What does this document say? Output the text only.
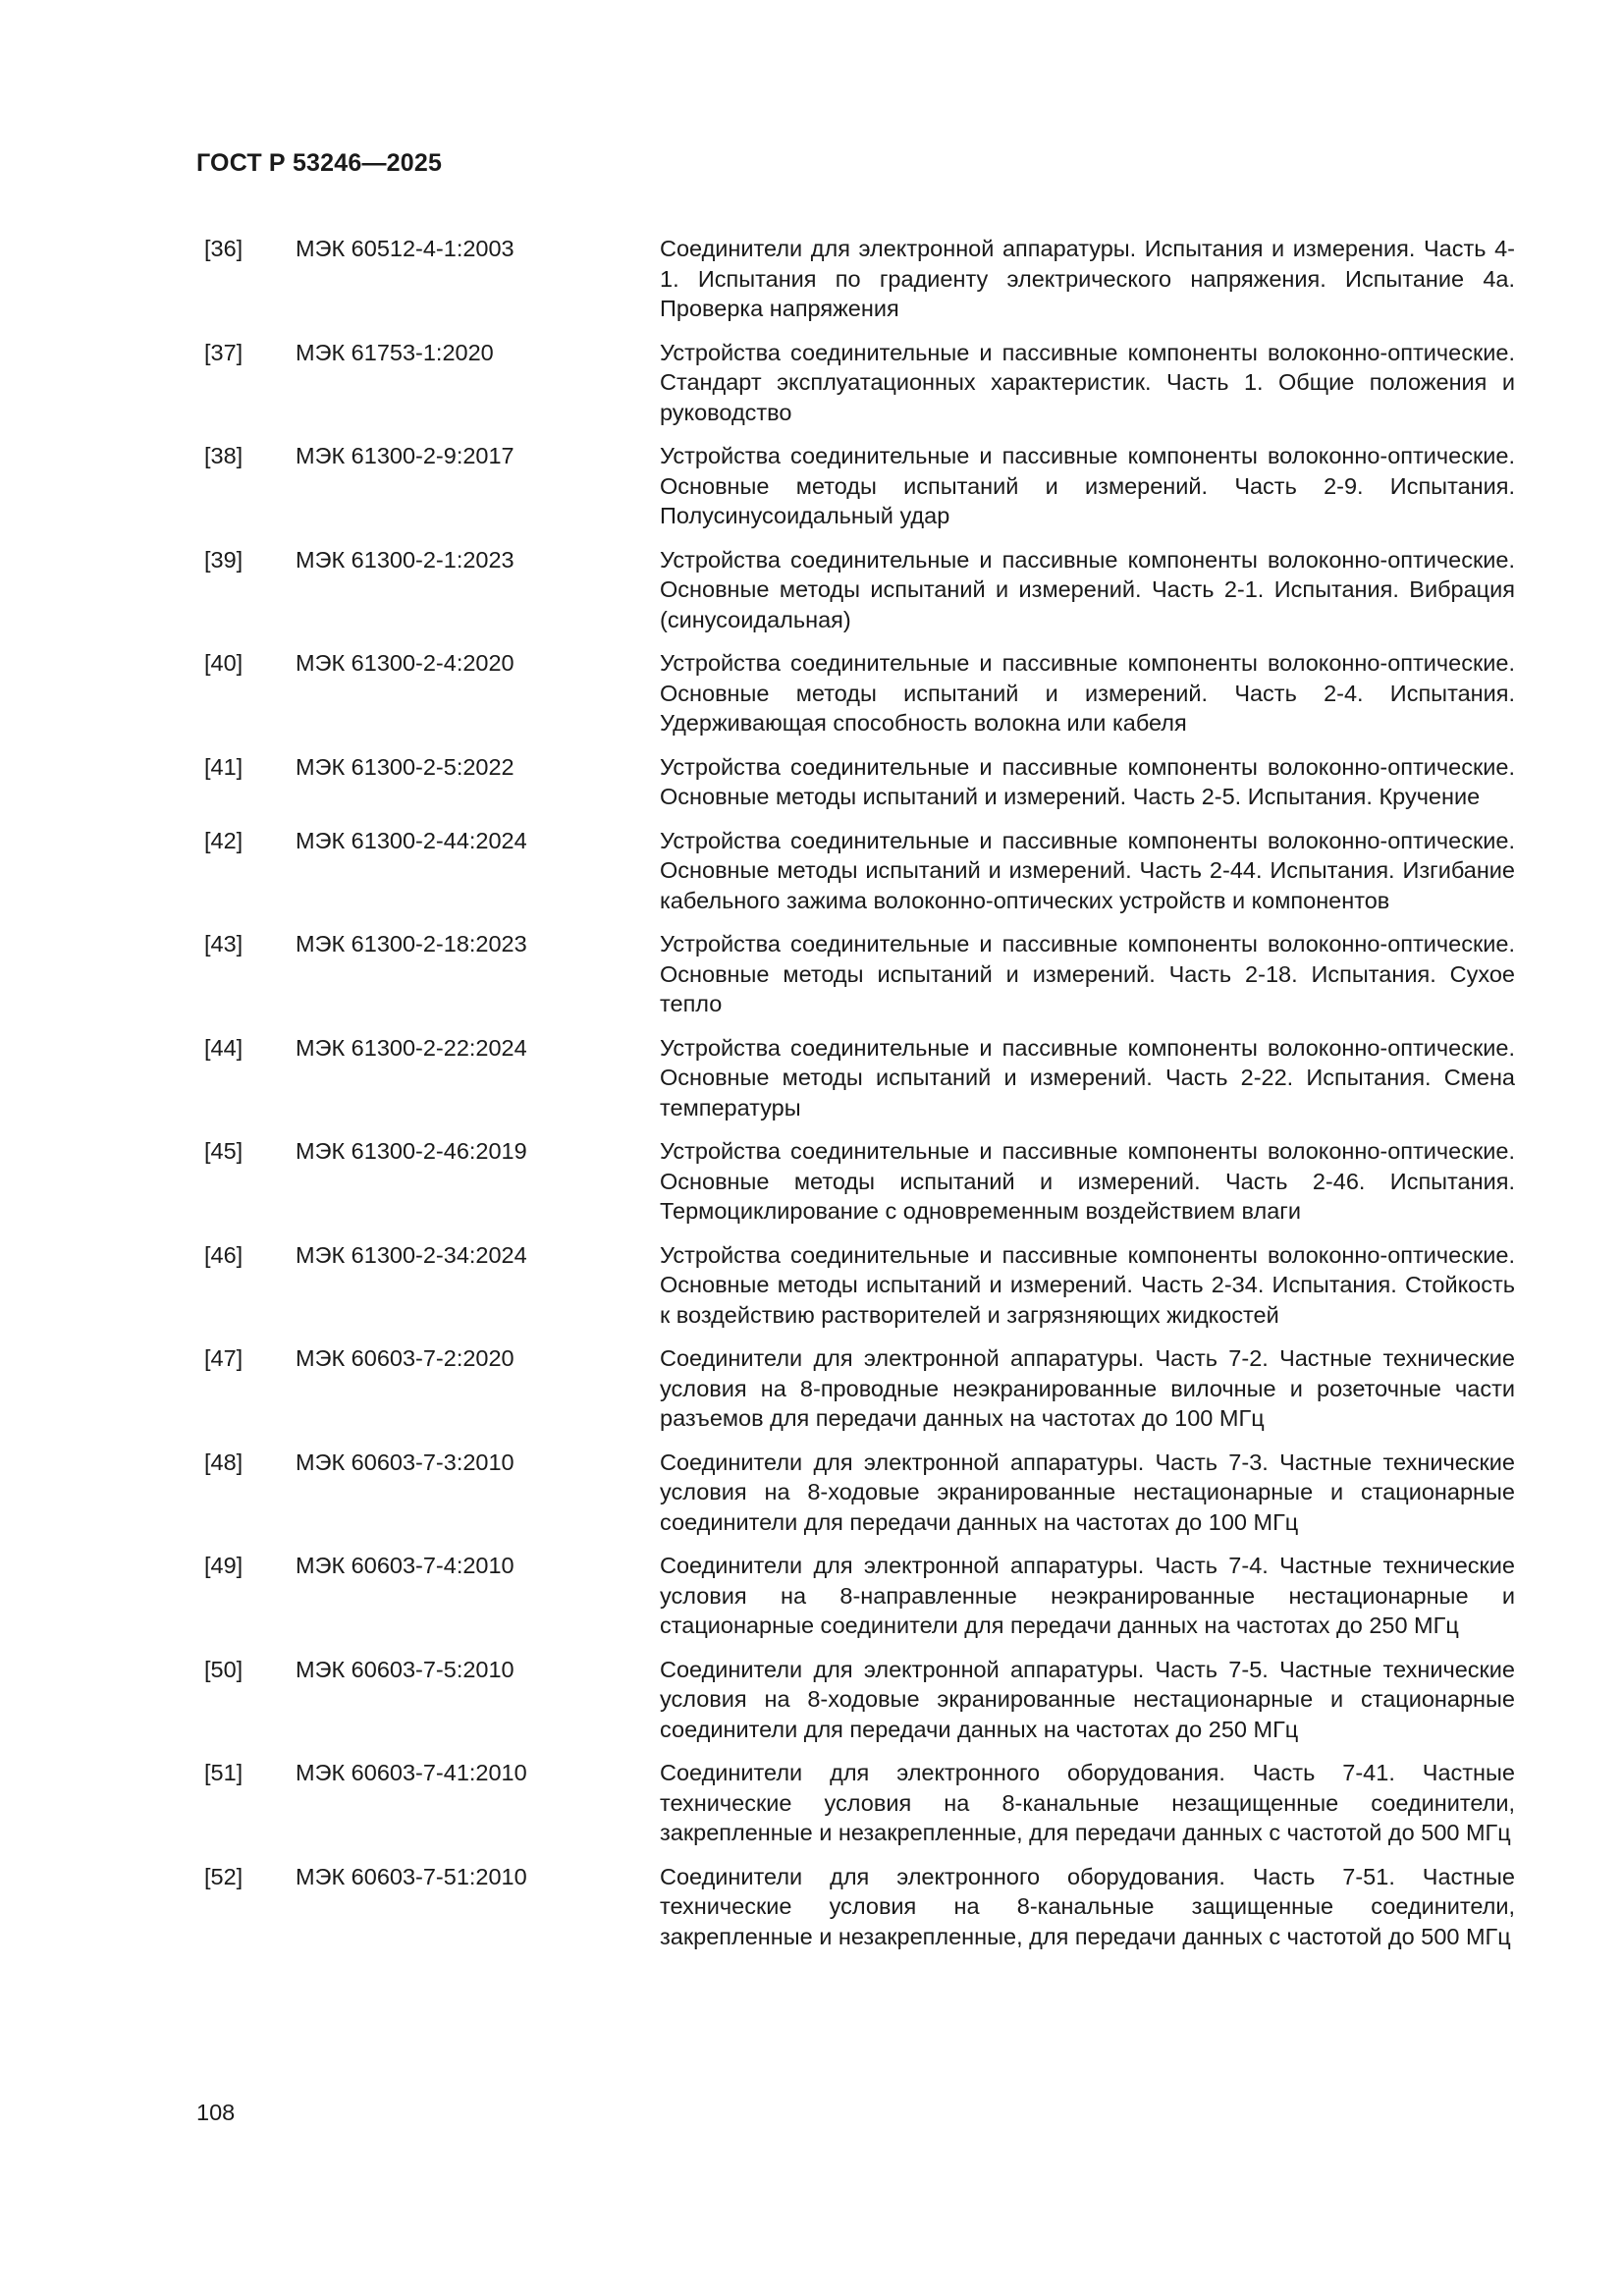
ГОСТ Р 53246—2025
[36]	МЭК 60512-4-1:2003	Соединители для электронной аппаратуры. Испытания и измерения. Часть 4-1. Испытания по градиенту электрического напряжения. Испытание 4а. Проверка напряжения
[37]	МЭК 61753-1:2020	Устройства соединительные и пассивные компоненты волоконно-оптические. Стандарт эксплуатационных характеристик. Часть 1. Общие положения и руководство
[38]	МЭК 61300-2-9:2017	Устройства соединительные и пассивные компоненты волоконно-оптические. Основные методы испытаний и измерений. Часть 2-9. Испытания. Полусинусоидальный удар
[39]	МЭК 61300-2-1:2023	Устройства соединительные и пассивные компоненты волоконно-оптические. Основные методы испытаний и измерений. Часть 2-1. Испытания. Вибрация (синусоидальная)
[40]	МЭК 61300-2-4:2020	Устройства соединительные и пассивные компоненты волоконно-оптические. Основные методы испытаний и измерений. Часть 2-4. Испытания. Удерживающая способность волокна или кабеля
[41]	МЭК 61300-2-5:2022	Устройства соединительные и пассивные компоненты волоконно-оптические. Основные методы испытаний и измерений. Часть 2-5. Испытания. Кручение
[42]	МЭК 61300-2-44:2024	Устройства соединительные и пассивные компоненты волоконно-оптические. Основные методы испытаний и измерений. Часть 2-44. Испытания. Изгибание кабельного зажима волоконно-оптических устройств и компонентов
[43]	МЭК 61300-2-18:2023	Устройства соединительные и пассивные компоненты волоконно-оптические. Основные методы испытаний и измерений. Часть 2-18. Испытания. Сухое тепло
[44]	МЭК 61300-2-22:2024	Устройства соединительные и пассивные компоненты волоконно-оптические. Основные методы испытаний и измерений. Часть 2-22. Испытания. Смена температуры
[45]	МЭК 61300-2-46:2019	Устройства соединительные и пассивные компоненты волоконно-оптические. Основные методы испытаний и измерений. Часть 2-46. Испытания. Термоциклирование с одновременным воздействием влаги
[46]	МЭК 61300-2-34:2024	Устройства соединительные и пассивные компоненты волоконно-оптические. Основные методы испытаний и измерений. Часть 2-34. Испытания. Стойкость к воздействию растворителей и загрязняющих жидкостей
[47]	МЭК 60603-7-2:2020	Соединители для электронной аппаратуры. Часть 7-2. Частные технические условия на 8-проводные неэкранированные вилочные и розеточные части разъемов для передачи данных на частотах до 100 МГц
[48]	МЭК 60603-7-3:2010	Соединители для электронной аппаратуры. Часть 7-3. Частные технические условия на 8-ходовые экранированные нестационарные и стационарные соединители для передачи данных на частотах до 100 МГц
[49]	МЭК 60603-7-4:2010	Соединители для электронной аппаратуры. Часть 7-4. Частные технические условия на 8-направленные неэкранированные нестационарные и стационарные соединители для передачи данных на частотах до 250 МГц
[50]	МЭК 60603-7-5:2010	Соединители для электронной аппаратуры. Часть 7-5. Частные технические условия на 8-ходовые экранированные нестационарные и стационарные соединители для передачи данных на частотах до 250 МГц
[51]	МЭК 60603-7-41:2010	Соединители для электронного оборудования. Часть 7-41. Частные технические условия на 8-канальные незащищенные соединители, закрепленные и незакрепленные, для передачи данных с частотой до 500 МГц
[52]	МЭК 60603-7-51:2010	Соединители для электронного оборудования. Часть 7-51. Частные технические условия на 8-канальные защищенные соединители, закрепленные и незакрепленные, для передачи данных с частотой до 500 МГц
108
